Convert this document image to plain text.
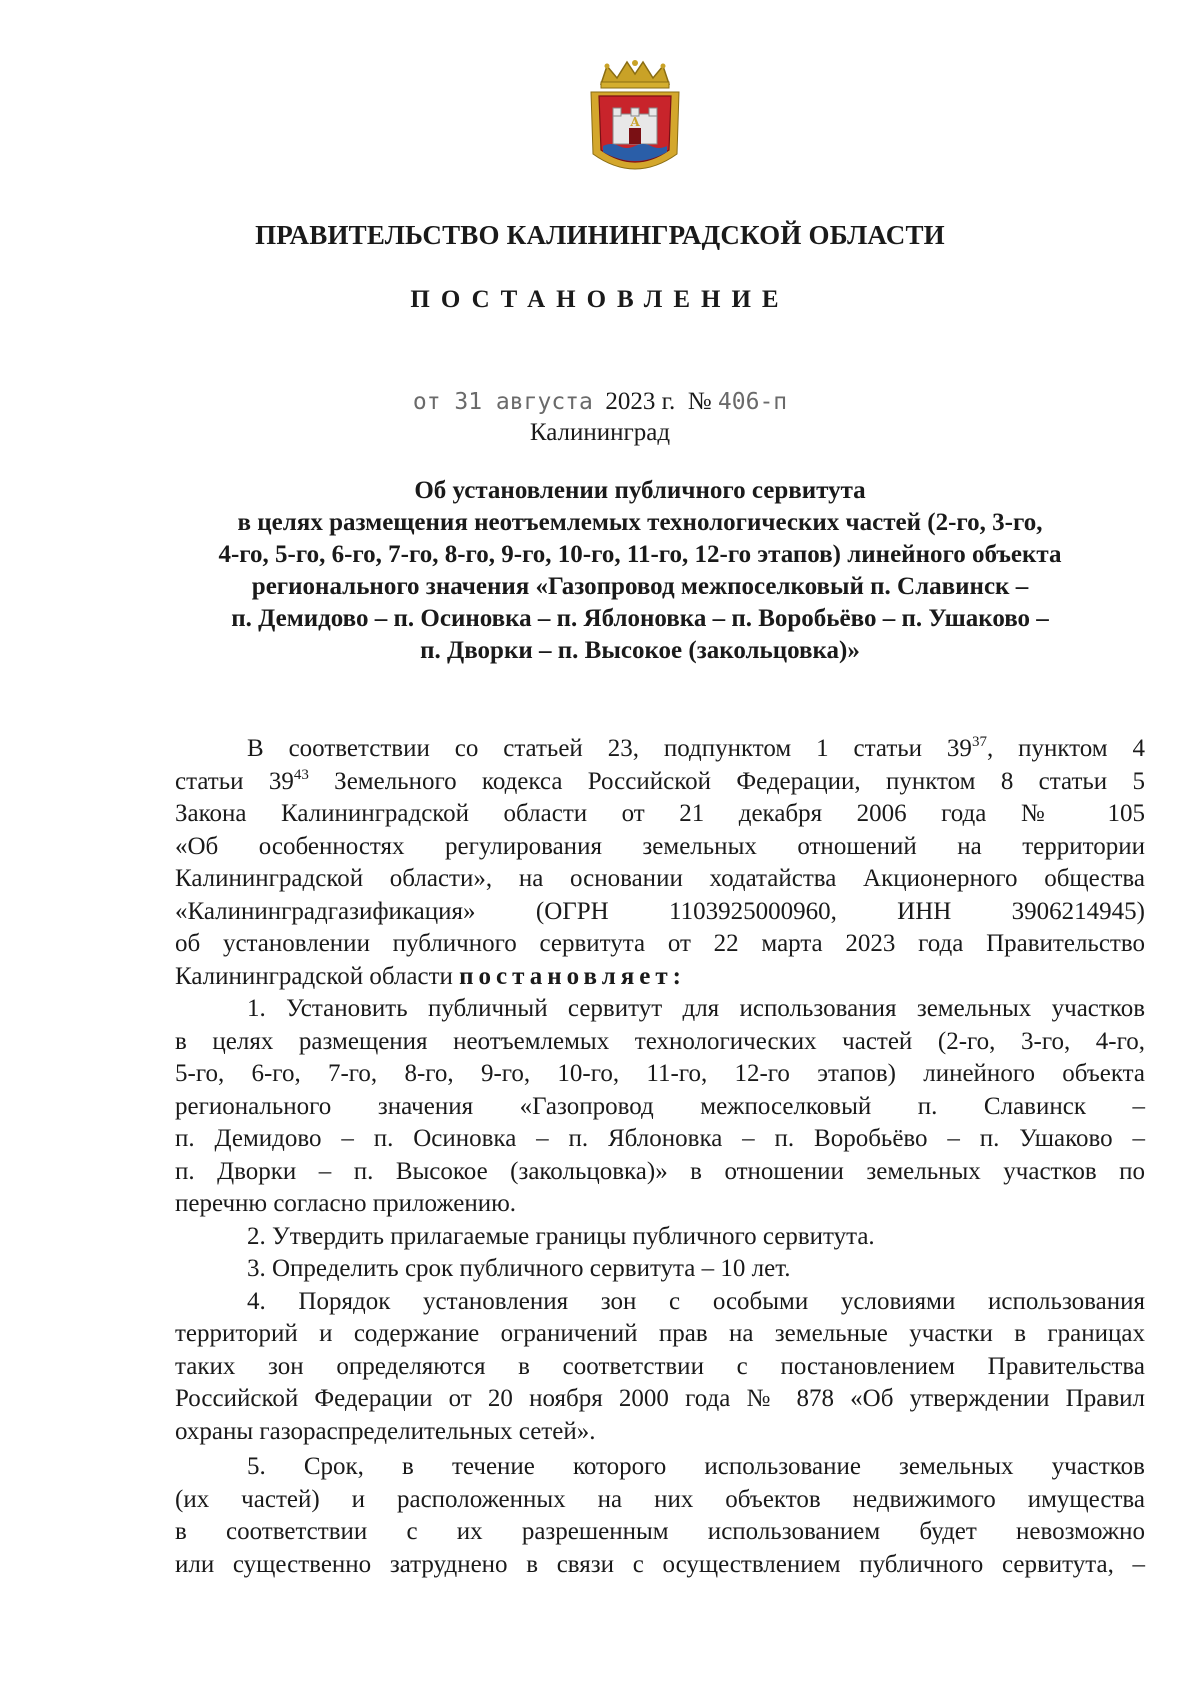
A
ПРАВИТЕЛЬСТВО КАЛИНИНГРАДСКОЙ ОБЛАСТИ
ПОСТАНОВЛЕНИЕ
от 31 августа 2023 г. № 406-п
Калининград
Об установлении публичного сервитута
в целях размещения неотъемлемых технологических частей (2-го, 3-го,
4-го, 5-го, 6-го, 7-го, 8-го, 9-го, 10-го, 11-го, 12-го этапов) линейного объекта
регионального значения «Газопровод межпоселковый п. Славинск –
п. Демидово – п. Осиновка – п. Яблоновка – п. Воробьёво – п. Ушаково –
п. Дворки – п. Высокое (закольцовка)»
В соответствии со статьей 23, подпунктом 1 статьи $39^{37}$, пунктом 4
статьи $39^{43}$ Земельного кодекса Российской Федерации, пунктом 8 статьи 5
Закона Калининградской области от 21 декабря 2006 года № 105
«Об особенностях регулирования земельных отношений на территории
Калининградской области», на основании ходатайства Акционерного общества
«Калининградгазификация» (ОГРН 1103925000960, ИНН 3906214945)
об установлении публичного сервитута от 22 марта 2023 года Правительство
Калининградской области постановляет:
1. Установить публичный сервитут для использования земельных участков
в целях размещения неотъемлемых технологических частей (2-го, 3-го, 4-го,
5-го, 6-го, 7-го, 8-го, 9-го, 10-го, 11-го, 12-го этапов) линейного объекта
регионального значения «Газопровод межпоселковый п. Славинск –
п. Демидово – п. Осиновка – п. Яблоновка – п. Воробьёво – п. Ушаково –
п. Дворки – п. Высокое (закольцовка)» в отношении земельных участков по
перечню согласно приложению.
2. Утвердить прилагаемые границы публичного сервитута.
3. Определить срок публичного сервитута – 10 лет.
4. Порядок установления зон с особыми условиями использования
территорий и содержание ограничений прав на земельные участки в границах
таких зон определяются в соответствии с постановлением Правительства
Российской Федерации от 20 ноября 2000 года № 878 «Об утверждении Правил
охраны газораспределительных сетей».
5. Срок, в течение которого использование земельных участков
(их частей) и расположенных на них объектов недвижимого имущества
в соответствии с их разрешенным использованием будет невозможно
или существенно затруднено в связи с осуществлением публичного сервитута, –
